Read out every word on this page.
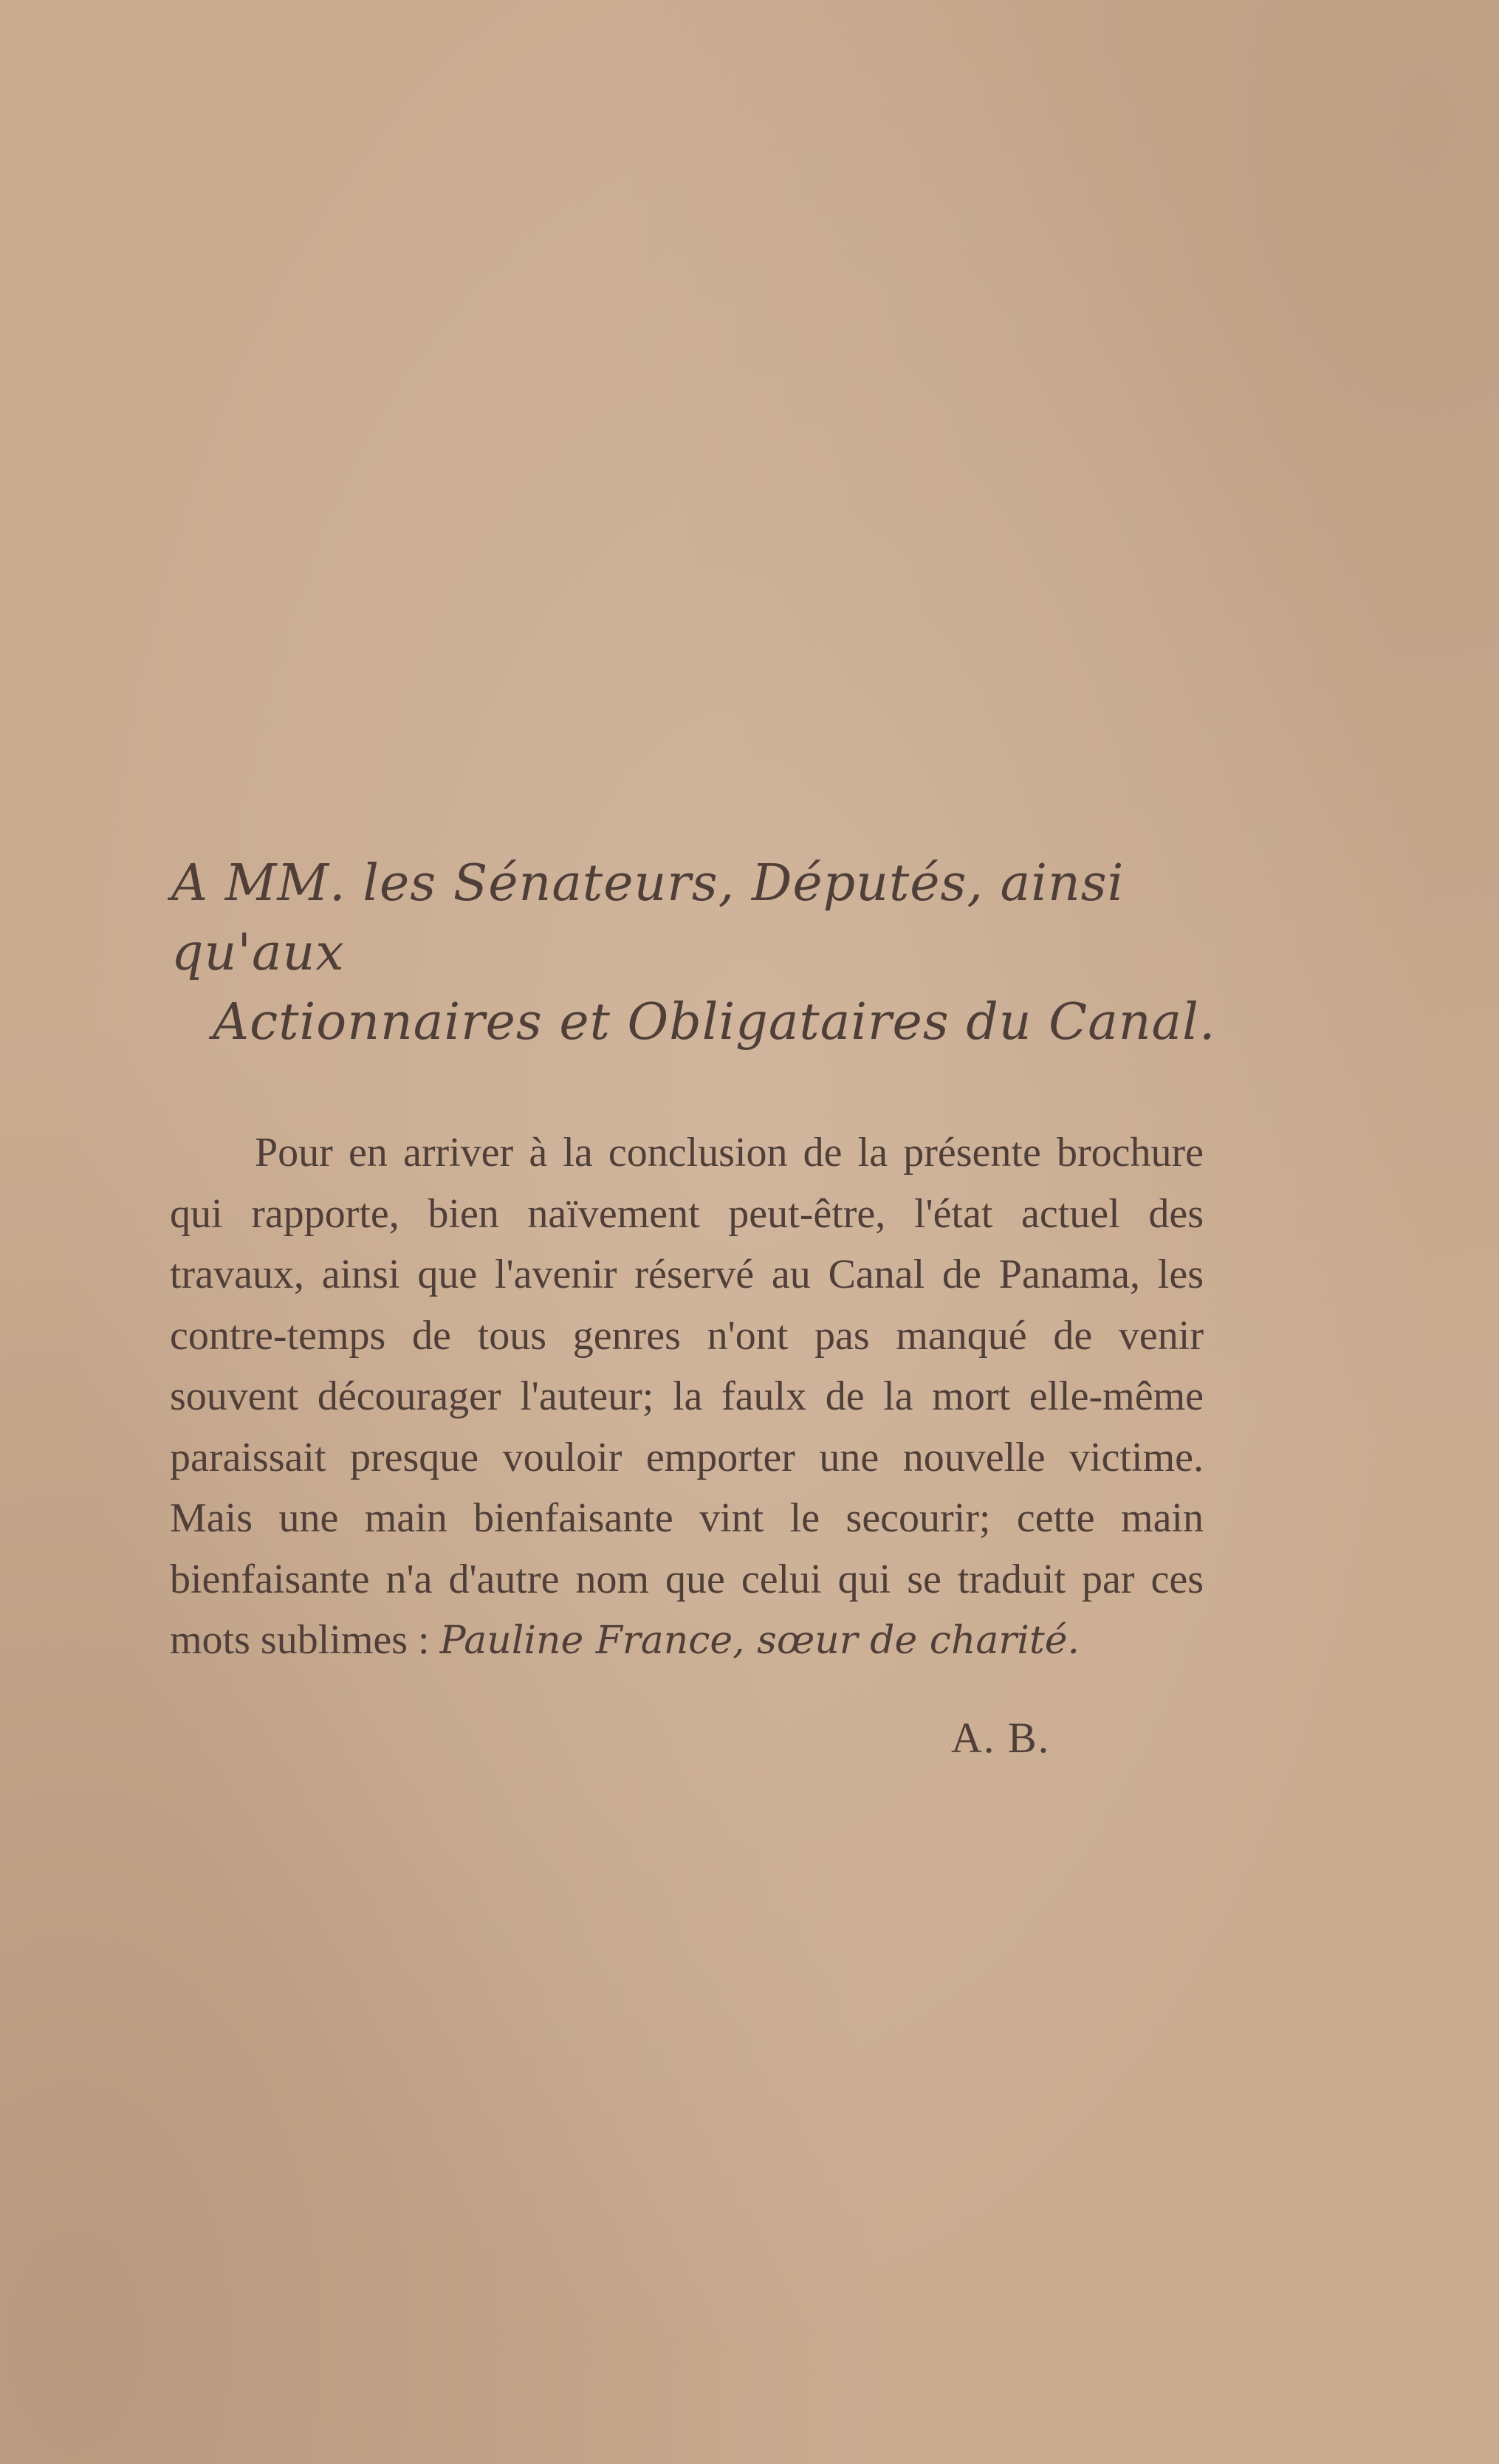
A MM. les Sénateurs, Députés, ainsi qu'aux
Actionnaires et Obligataires du Canal.
Pour en arriver à la conclusion de la présente brochure
qui rapporte, bien naïvement peut-être, l'état actuel des
travaux, ainsi que l'avenir réservé au Canal de Panama, les
contre-temps de tous genres n'ont pas manqué de venir
souvent décourager l'auteur; la faulx de la mort elle-même
paraissait presque vouloir emporter une nouvelle victime.
Mais une main bienfaisante vint le secourir; cette main
bienfaisante n'a d'autre nom que celui qui se traduit par ces
mots sublimes : Pauline France, sœur de charité.
A. B.
